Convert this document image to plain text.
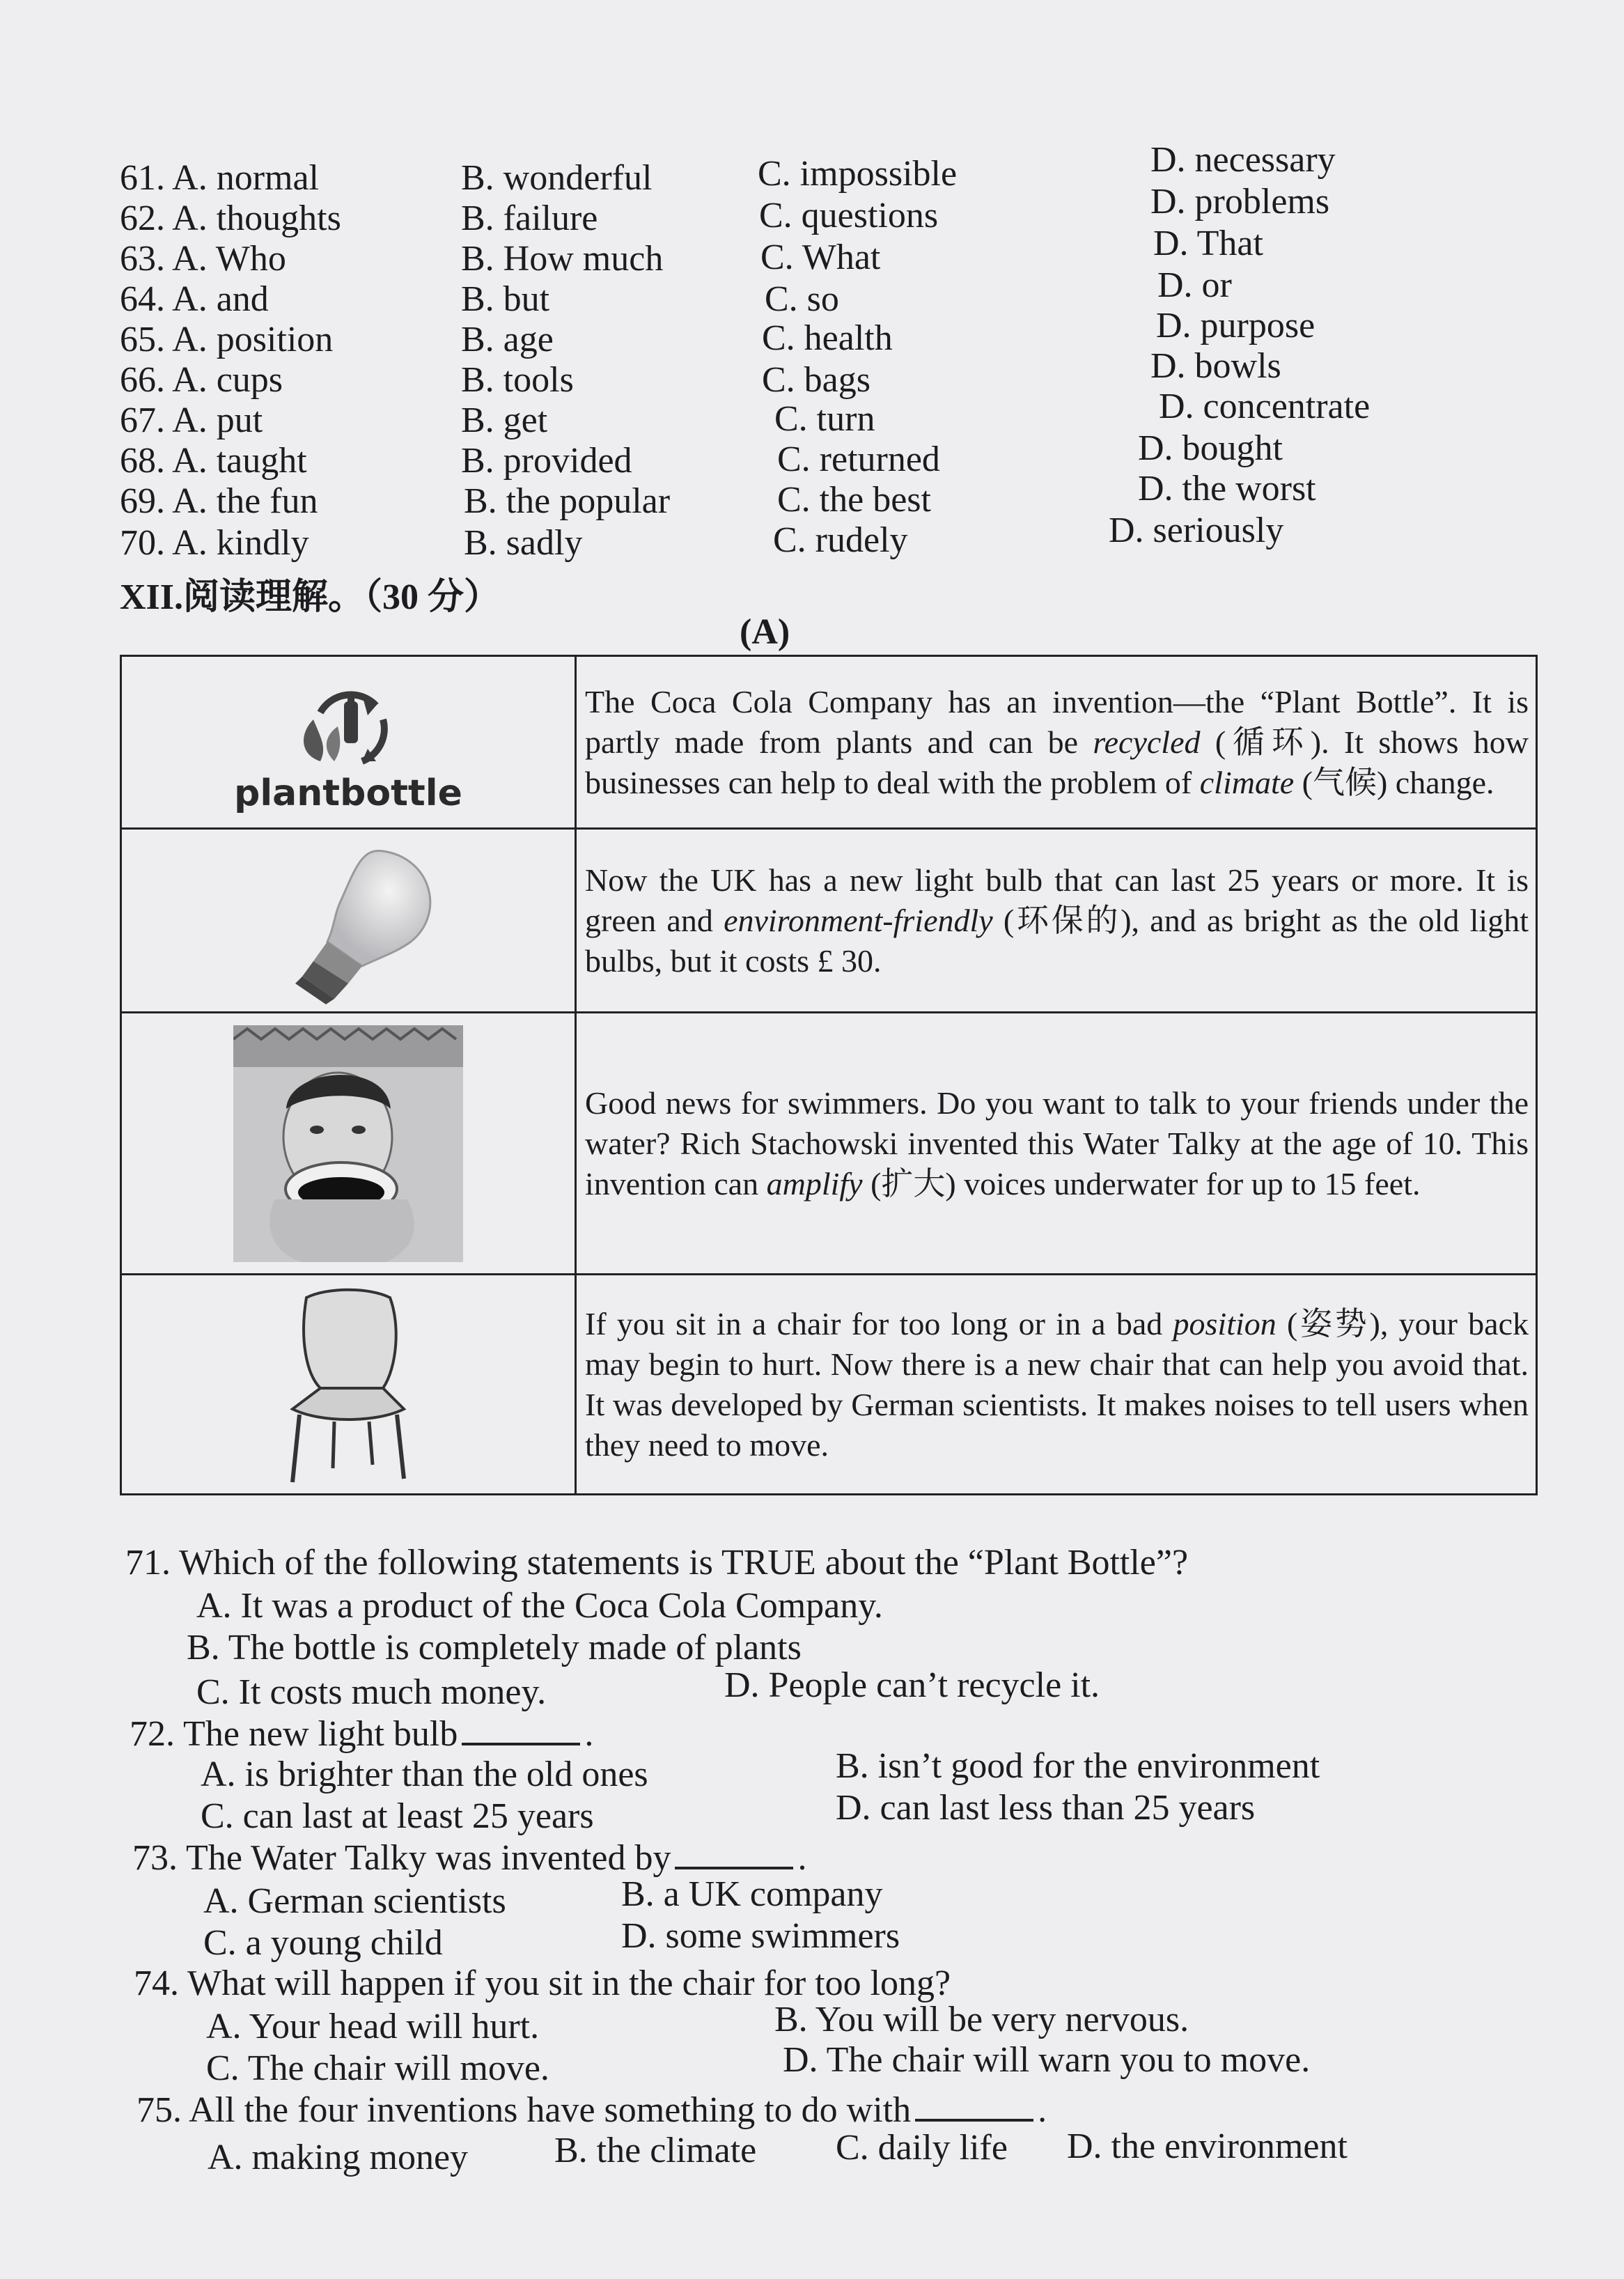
61. A. normal	B. wonderful	C. impossible	D. necessary
62. A. thoughts	B. failure	C. questions	D. problems
63. A. Who	B. How much	C. What	D. That
64. A. and	B. but	C. so	D. or
65. A. position	B. age	C. health	D. purpose
66. A. cups	B. tools	C. bags	D. bowls
67. A. put	B. get	C. turn	D. concentrate
68. A. taught	B. provided	C. returned	D. bought
69. A. the fun	B. the popular	C. the best	D. the worst
70. A. kindly	B. sadly	C. rudely	D. seriously
XII.阅读理解。（30 分）
(A)
plantbottle	The Coca Cola Company has an invention—the “Plant Bottle”. It is partly made from plants and can be recycled (循环). It shows how businesses can help to deal with the problem of climate (气候) change.

	Now the UK has a new light bulb that can last 25 years or more. It is green and environment-friendly (环保的), and as bright as the old light bulbs, but it costs £ 30.

	Good news for swimmers. Do you want to talk to your friends under the water? Rich Stachowski invented this Water Talky at the age of 10. This invention can amplify (扩大) voices underwater for up to 15 feet.

	If you sit in a chair for too long or in a bad position (姿势), your back may begin to hurt. Now there is a new chair that can help you avoid that. It was developed by German scientists. It makes noises to tell users when they need to move.
71. Which of the following statements is TRUE about the “Plant Bottle”?
A. It was a product of the Coca Cola Company.
B. The bottle is completely made of plants
C. It costs much money.	D. People can’t recycle it.
72. The new light bulb	.
A. is brighter than the old ones	B. isn’t good for the environment
C. can last at least 25 years	D. can last less than 25 years
73. The Water Talky was invented by	.
A. German scientists	B. a UK company
C. a young child	D. some swimmers
74. What will happen if you sit in the chair for too long?
A. Your head will hurt.	B. You will be very nervous.
C. The chair will move.	D. The chair will warn you to move.
75. All the four inventions have something to do with	.
A. making money B. the climate C. daily life D. the environment
